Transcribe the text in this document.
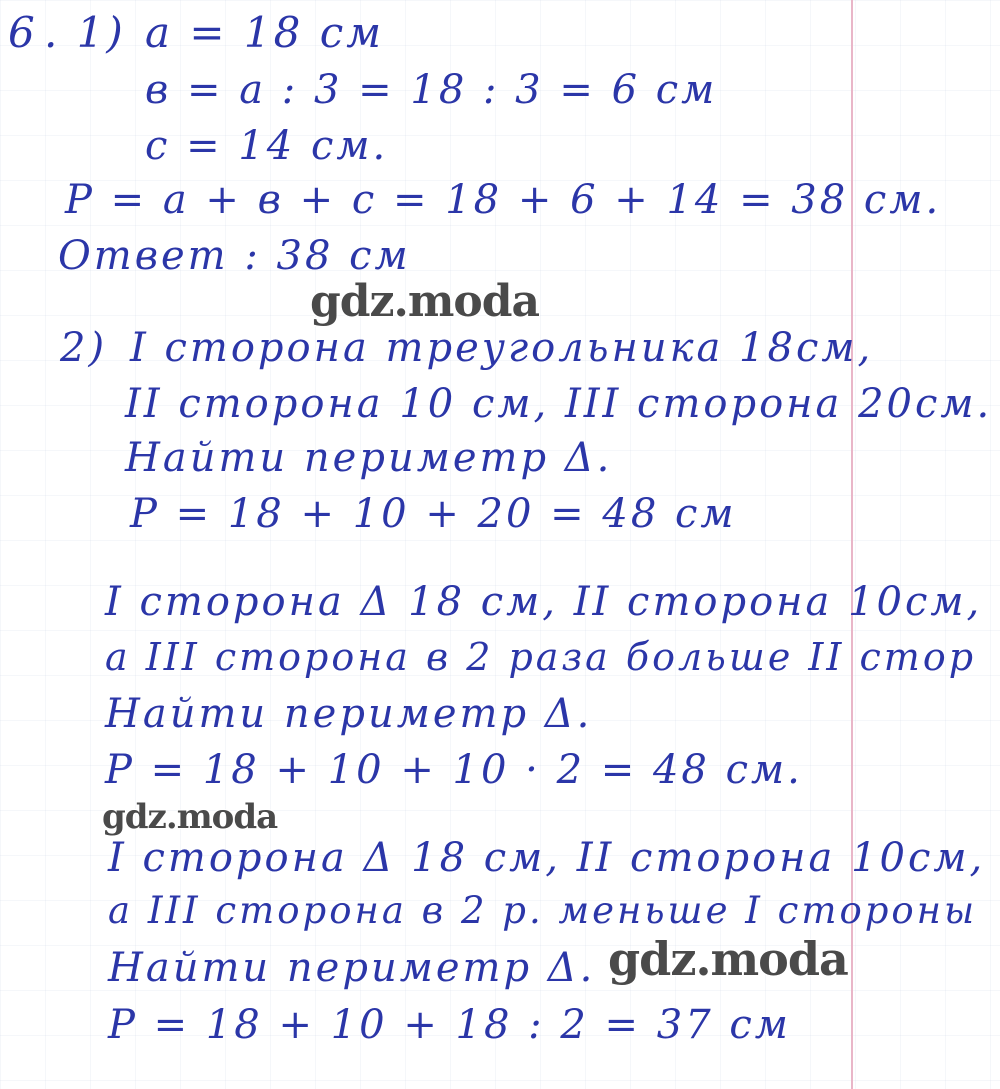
6 . 1) a = 18 см
в = а : 3 = 18 : 3 = 6 см
с = 14 см.
Р = а + в + с = 18 + 6 + 14 = 38 см.
Ответ : 38 см
gdz.moda
2) I сторона треугольника 18см,
II сторона 10 см, III сторона 20см.
Найти периметр Δ.
Р = 18 + 10 + 20 = 48 см
I сторона Δ 18 см, II сторона 10см,
а III сторона в 2 раза больше II стор
Найти периметр Δ.
Р = 18 + 10 + 10 · 2 = 48 см.
gdz.moda
I сторона Δ 18 см, II сторона 10см,
а III сторона в 2 р. меньше I стороны
Найти периметр Δ.
Р = 18 + 10 + 18 : 2 = 37 см
gdz.moda
